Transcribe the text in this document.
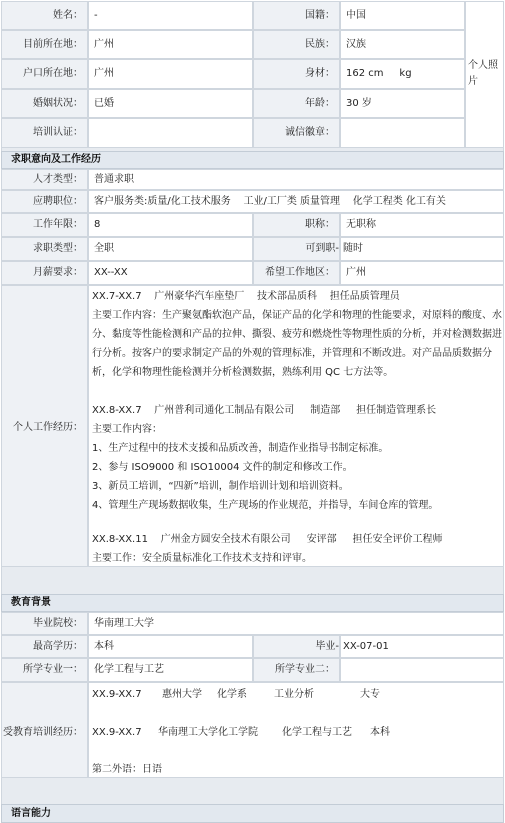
姓名：	-	国籍：	中国
目前所在地：	广州	民族：	汉族
户口所在地：	广州	身材：	162 cm     kg
婚姻状况：	已婚	年龄：	30 岁
培训认证：	诚信徽章：
个人照片
求职意向及工作经历
人才类型：	普通求职
应聘职位：	客户服务类:质量/化工技术服务    工业/工厂类 质量管理    化学工程类 化工有关
工作年限：	8	职称：	无职称
求职类型：	全职	可到职- 随时
月薪要求：	XX--XX	希望工作地区：	广州
个人工作经历：
XX.7-XX.7    广州豪华汽车座垫厂    技术部品质科    担任品质管理员
主要工作内容：生产聚氨酯软泡产品，保证产品的化学和物理的性能要求，对原料的酸度、水分、黏度等性能检测和产品的拉伸、撕裂、疲劳和燃烧性等物理性质的分析，并对检测数据进行分析。按客户的要求制定产品的外观的管理标准，并管理和不断改进。对产品品质数据分析，化学和物理性能检测并分析检测数据，熟练利用 QC 七方法等。
XX.8-XX.7    广州普利司通化工制品有限公司     制造部     担任制造管理系长
主要工作内容：
1、生产过程中的技术支援和品质改善，制造作业指导书制定标准。
2、参与 ISO9000 和 ISO10004 文件的制定和修改工作。
3、新员工培训，“四新”培训，制作培训计划和培训资料。
4、管理生产现场数据收集，生产现场的作业规范，并指导，车间仓库的管理。
XX.8-XX.11    广州金方圆安全技术有限公司     安评部     担任安全评价工程师
主要工作：安全质量标准化工作技术支持和评审。
教育背景
毕业院校：	华南理工大学
最高学历：	本科	毕业- XX-07-01
所学专业一：	化学工程与工艺	所学专业二：
受教育培训经历：
XX.9-XX.7 惠州大学 化学系	工业分析	大专
XX.9-XX.7 华南理工大学化工学院 化学工程与工艺 本科
第二外语：日语
语言能力
